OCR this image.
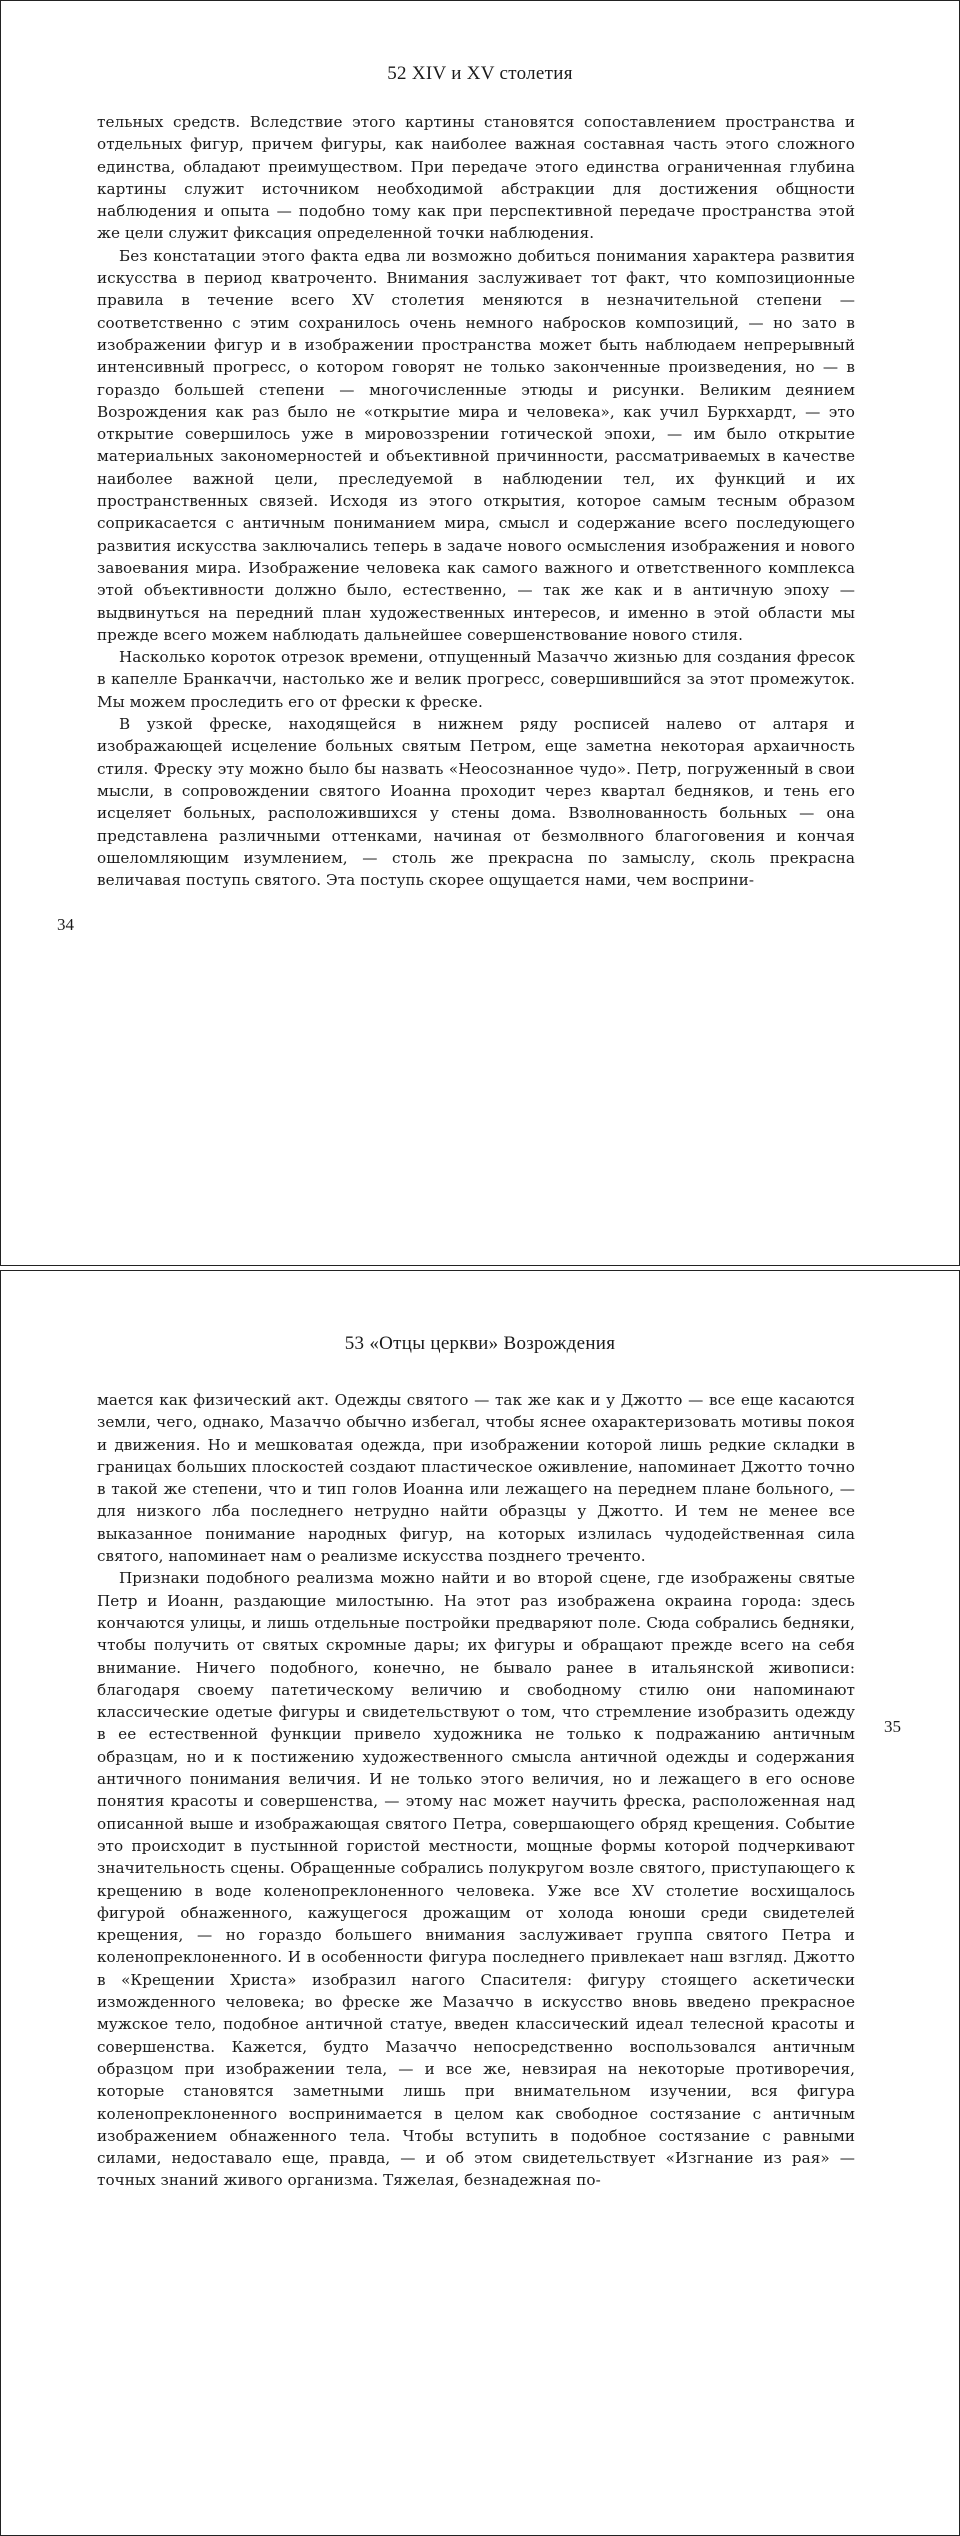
52 XIV и XV столетия
34

тельных средств. Вследствие этого картины становятся сопоставлением пространства и отдельных фигур, причем фигуры, как наиболее важная составная часть этого сложного единства, обладают преимуществом. При передаче этого единства ограниченная глубина картины служит источником необходимой абстракции для достижения общности наблюдения и опыта — подобно тому как при перспективной передаче пространства этой же цели служит фиксация определенной точки наблюдения.

Без констатации этого факта едва ли возможно добиться понимания характера развития искусства в период кватроченто. Внимания заслуживает тот факт, что композиционные правила в течение всего XV столетия меняются в незначительной степени — соответственно с этим сохранилось очень немного набросков композиций, — но зато в изображении фигур и в изображении пространства может быть наблюдаем непрерывный интенсивный прогресс, о котором говорят не только законченные произведения, но — в гораздо большей степени — многочисленные этюды и рисунки. Великим деянием Возрождения как раз было не «открытие мира и человека», как учил Буркхардт, — это открытие совершилось уже в мировоззрении готической эпохи, — им было открытие материальных закономерностей и объективной причинности, рассматриваемых в качестве наиболее важной цели, преследуемой в наблюдении тел, их функций и их пространственных связей. Исходя из этого открытия, которое самым тесным образом соприкасается с античным пониманием мира, смысл и содержание всего последующего развития искусства заключались теперь в задаче нового осмысления изображения и нового завоевания мира. Изображение человека как самого важного и ответственного комплекса этой объективности должно было, естественно, — так же как и в античную эпоху — выдвинуться на передний план художественных интересов, и именно в этой области мы прежде всего можем наблюдать дальнейшее совершенствование нового стиля.

Насколько короток отрезок времени, отпущенный Мазаччо жизнью для создания фресок в капелле Бранкаччи, настолько же и велик прогресс, совершившийся за этот промежуток. Мы можем проследить его от фрески к фреске.

В узкой фреске, находящейся в нижнем ряду росписей налево от алтаря и изображающей исцеление больных святым Петром, еще заметна некоторая архаичность стиля. Фреску эту можно было бы назвать «Неосознанное чудо». Петр, погруженный в свои мысли, в сопровождении святого Иоанна проходит через квартал бедняков, и тень его исцеляет больных, расположившихся у стены дома. Взволнованность больных — она представлена различными оттенками, начиная от безмолвного благоговения и кончая ошеломляющим изумлением, — столь же прекрасна по замыслу, сколь прекрасна величавая поступь святого. Эта поступь скорее ощущается нами, чем восприни-

53 «Отцы церкви» Возрождения
35

мается как физический акт. Одежды святого — так же как и у Джотто — все еще касаются земли, чего, однако, Мазаччо обычно избегал, чтобы яснее охарактеризовать мотивы покоя и движения. Но и мешковатая одежда, при изображении которой лишь редкие складки в границах больших плоскостей создают пластическое оживление, напоминает Джотто точно в такой же степени, что и тип голов Иоанна или лежащего на переднем плане больного, — для низкого лба последнего нетрудно найти образцы у Джотто. И тем не менее все выказанное понимание народных фигур, на которых излилась чудодейственная сила святого, напоминает нам о реализме искусства позднего треченто.

Признаки подобного реализма можно найти и во второй сцене, где изображены святые Петр и Иоанн, раздающие милостыню. На этот раз изображена окраина города: здесь кончаются улицы, и лишь отдельные постройки предваряют поле. Сюда собрались бедняки, чтобы получить от святых скромные дары; их фигуры и обращают прежде всего на себя внимание. Ничего подобного, конечно, не бывало ранее в итальянской живописи: благодаря своему патетическому величию и свободному стилю они напоминают классические одетые фигуры и свидетельствуют о том, что стремление изобразить одежду в ее естественной функции привело художника не только к подражанию античным образцам, но и к постижению художественного смысла античной одежды и содержания античного понимания величия. И не только этого величия, но и лежащего в его основе понятия красоты и совершенства, — этому нас может научить фреска, расположенная над описанной выше и изображающая святого Петра, совершающего обряд крещения. Событие это происходит в пустынной гористой местности, мощные формы которой подчеркивают значительность сцены. Обращенные собрались полукругом возле святого, приступающего к крещению в воде коленопреклоненного человека. Уже все XV столетие восхищалось фигурой обнаженного, кажущегося дрожащим от холода юноши среди свидетелей крещения, — но гораздо большего внимания заслуживает группа святого Петра и коленопреклоненного. И в особенности фигура последнего привлекает наш взгляд. Джотто в «Крещении Христа» изобразил нагого Спасителя: фигуру стоящего аскетически изможденного человека; во фреске же Мазаччо в искусство вновь введено прекрасное мужское тело, подобное античной статуе, введен классический идеал телесной красоты и совершенства. Кажется, будто Мазаччо непосредственно воспользовался античным образцом при изображении тела, — и все же, невзирая на некоторые противоречия, которые становятся заметными лишь при внимательном изучении, вся фигура коленопреклоненного воспринимается в целом как свободное состязание с античным изображением обнаженного тела. Чтобы вступить в подобное состязание с равными силами, недоставало еще, правда, — и об этом свидетельствует «Изгнание из рая» — точных знаний живого организма. Тяжелая, безнадежная по-
